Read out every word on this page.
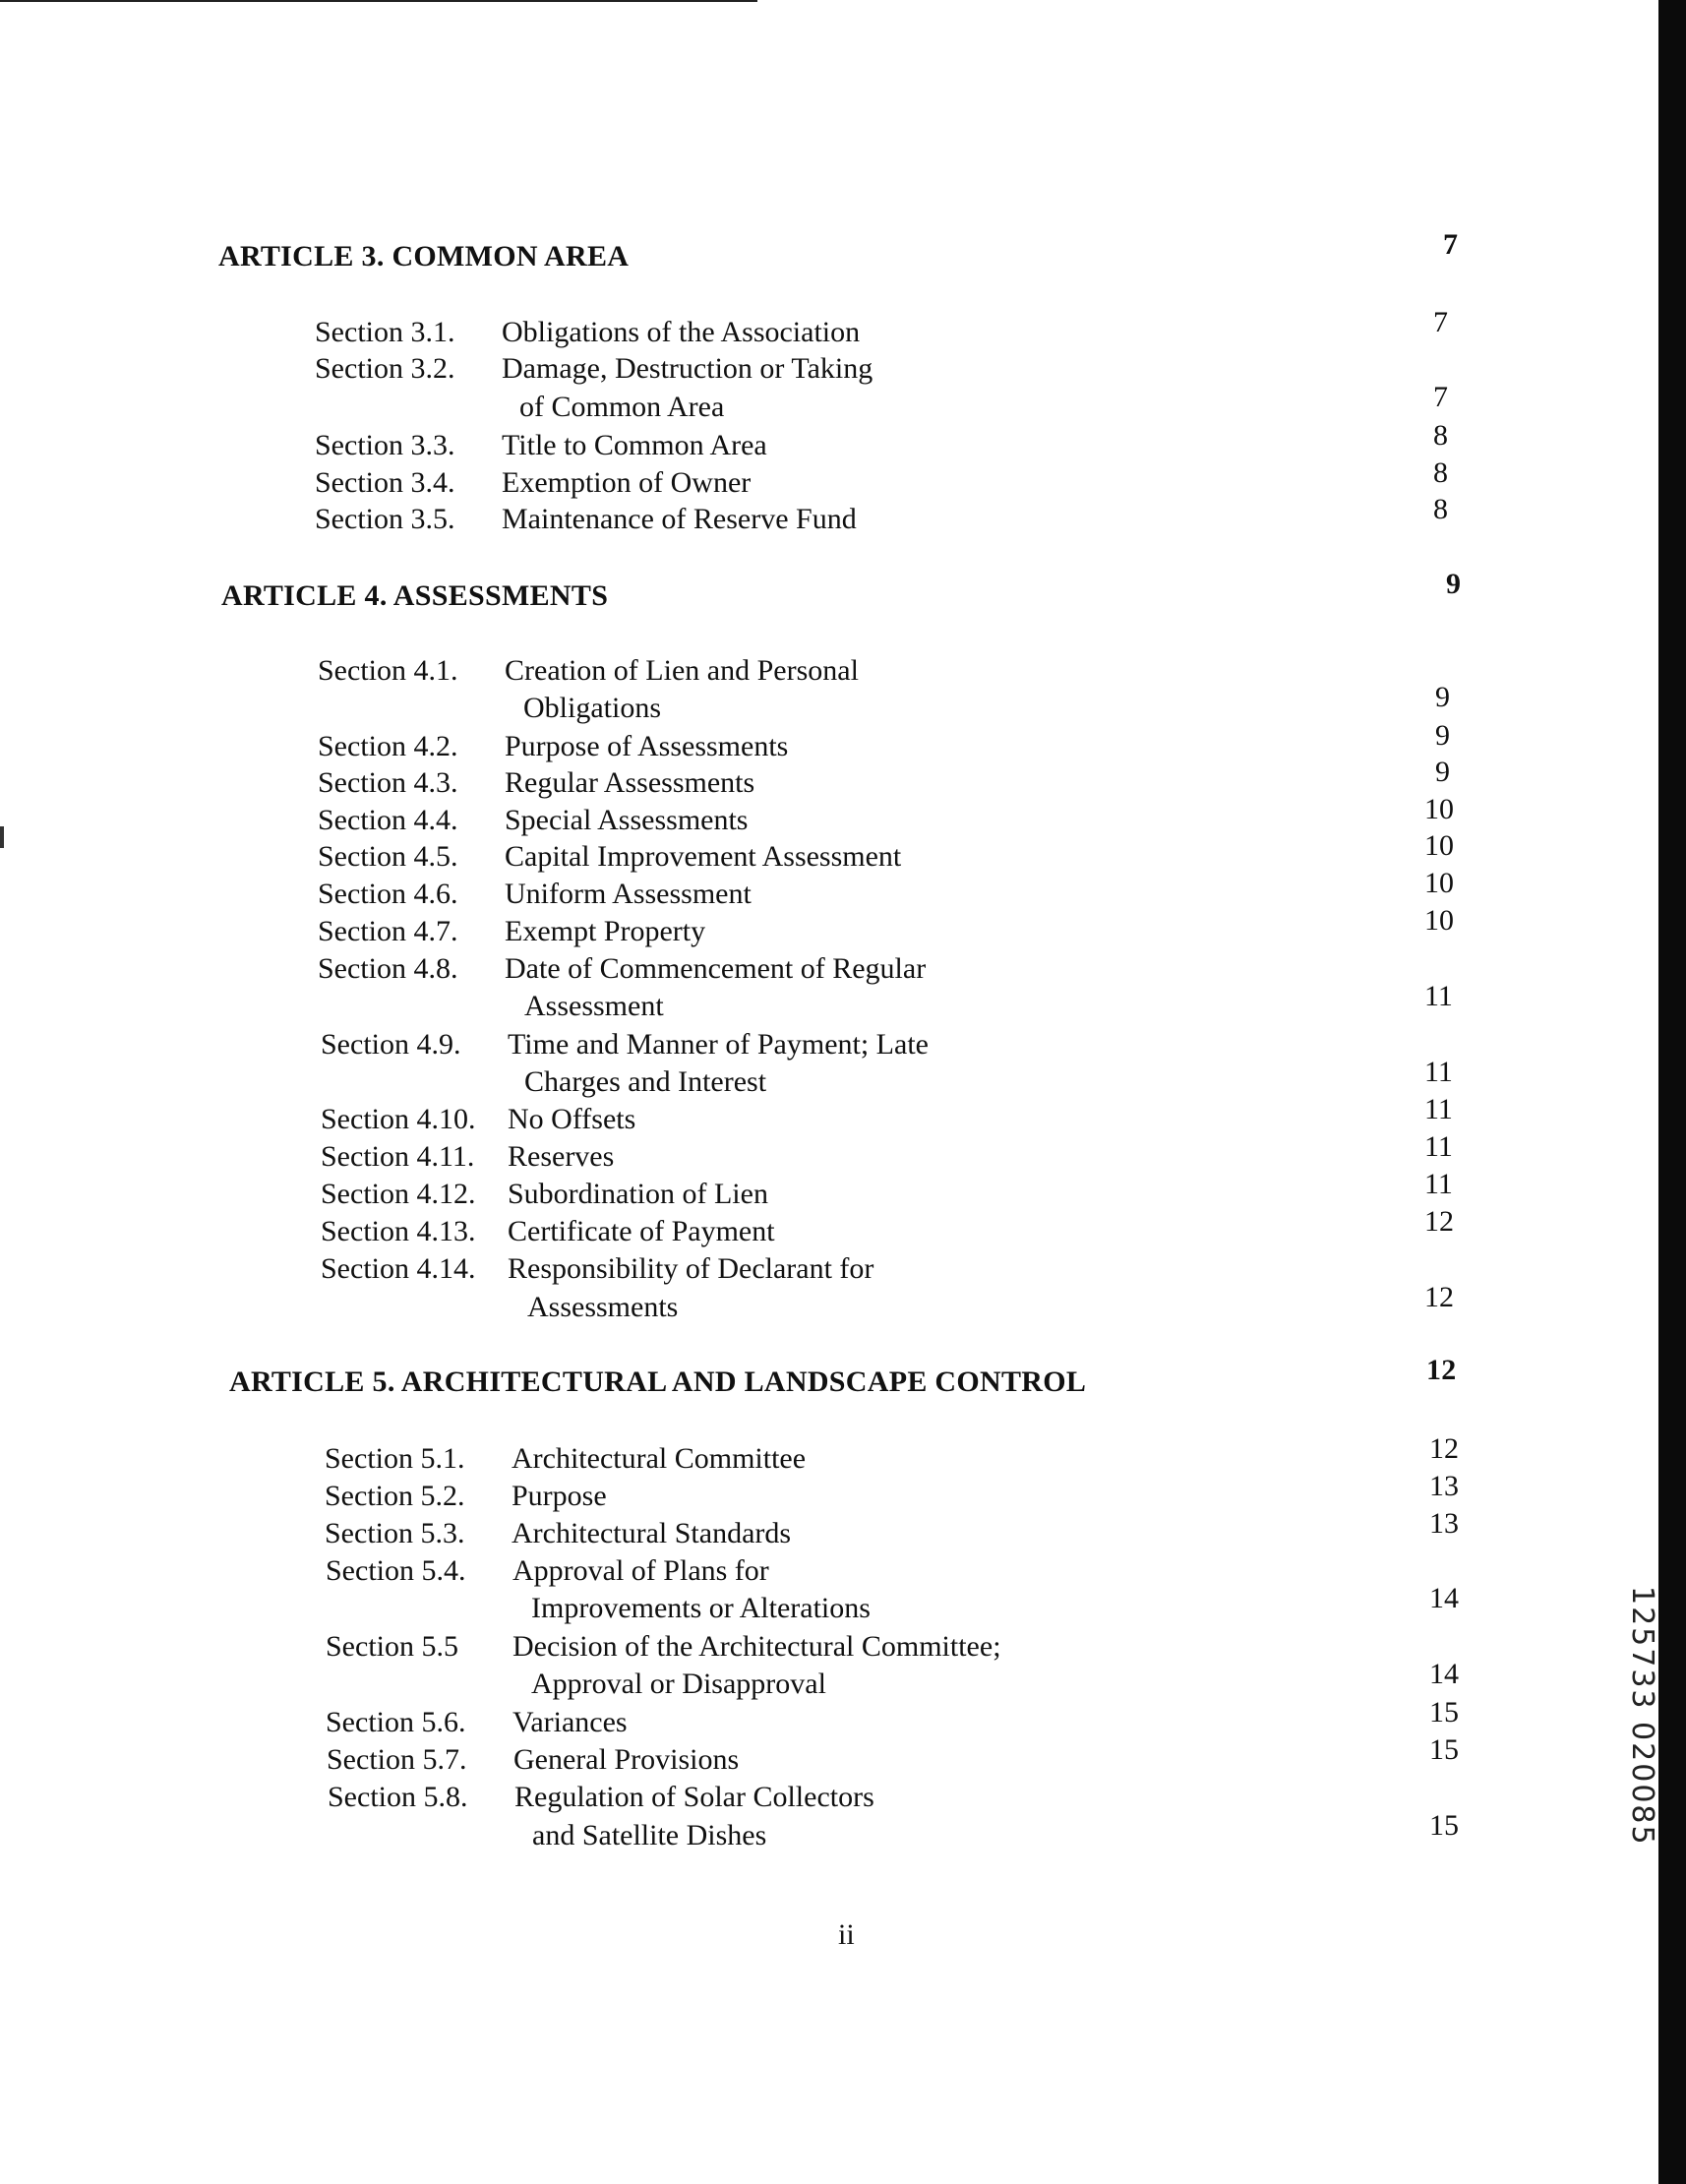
ARTICLE 3. COMMON AREA	7
Section 3.1. Obligations of the Association	7
Section 3.2. Damage, Destruction or Taking
of Common Area	7
Section 3.3. Title to Common Area	8
Section 3.4. Exemption of Owner	8
Section 3.5. Maintenance of Reserve Fund	8
ARTICLE 4. ASSESSMENTS	9
Section 4.1. Creation of Lien and Personal
Obligations	9
Section 4.2. Purpose of Assessments	9
Section 4.3. Regular Assessments	9
Section 4.4. Special Assessments	10
Section 4.5. Capital Improvement Assessment	10
Section 4.6. Uniform Assessment	10
Section 4.7. Exempt Property	10
Section 4.8. Date of Commencement of Regular
Assessment	11
Section 4.9. Time and Manner of Payment; Late
Charges and Interest	11
Section 4.10. No Offsets	11
Section 4.11. Reserves	11
Section 4.12. Subordination of Lien	11
Section 4.13. Certificate of Payment	12
Section 4.14. Responsibility of Declarant for
Assessments	12
ARTICLE 5. ARCHITECTURAL AND LANDSCAPE CONTROL	12
Section 5.1. Architectural Committee	12
Section 5.2. Purpose	13
Section 5.3. Architectural Standards	13
Section 5.4. Approval of Plans for
Improvements or Alterations	14
Section 5.5 Decision of the Architectural Committee;
Approval or Disapproval	14
Section 5.6. Variances	15
Section 5.7. General Provisions	15
Section 5.8. Regulation of Solar Collectors
and Satellite Dishes	15
ii
125733 020085
